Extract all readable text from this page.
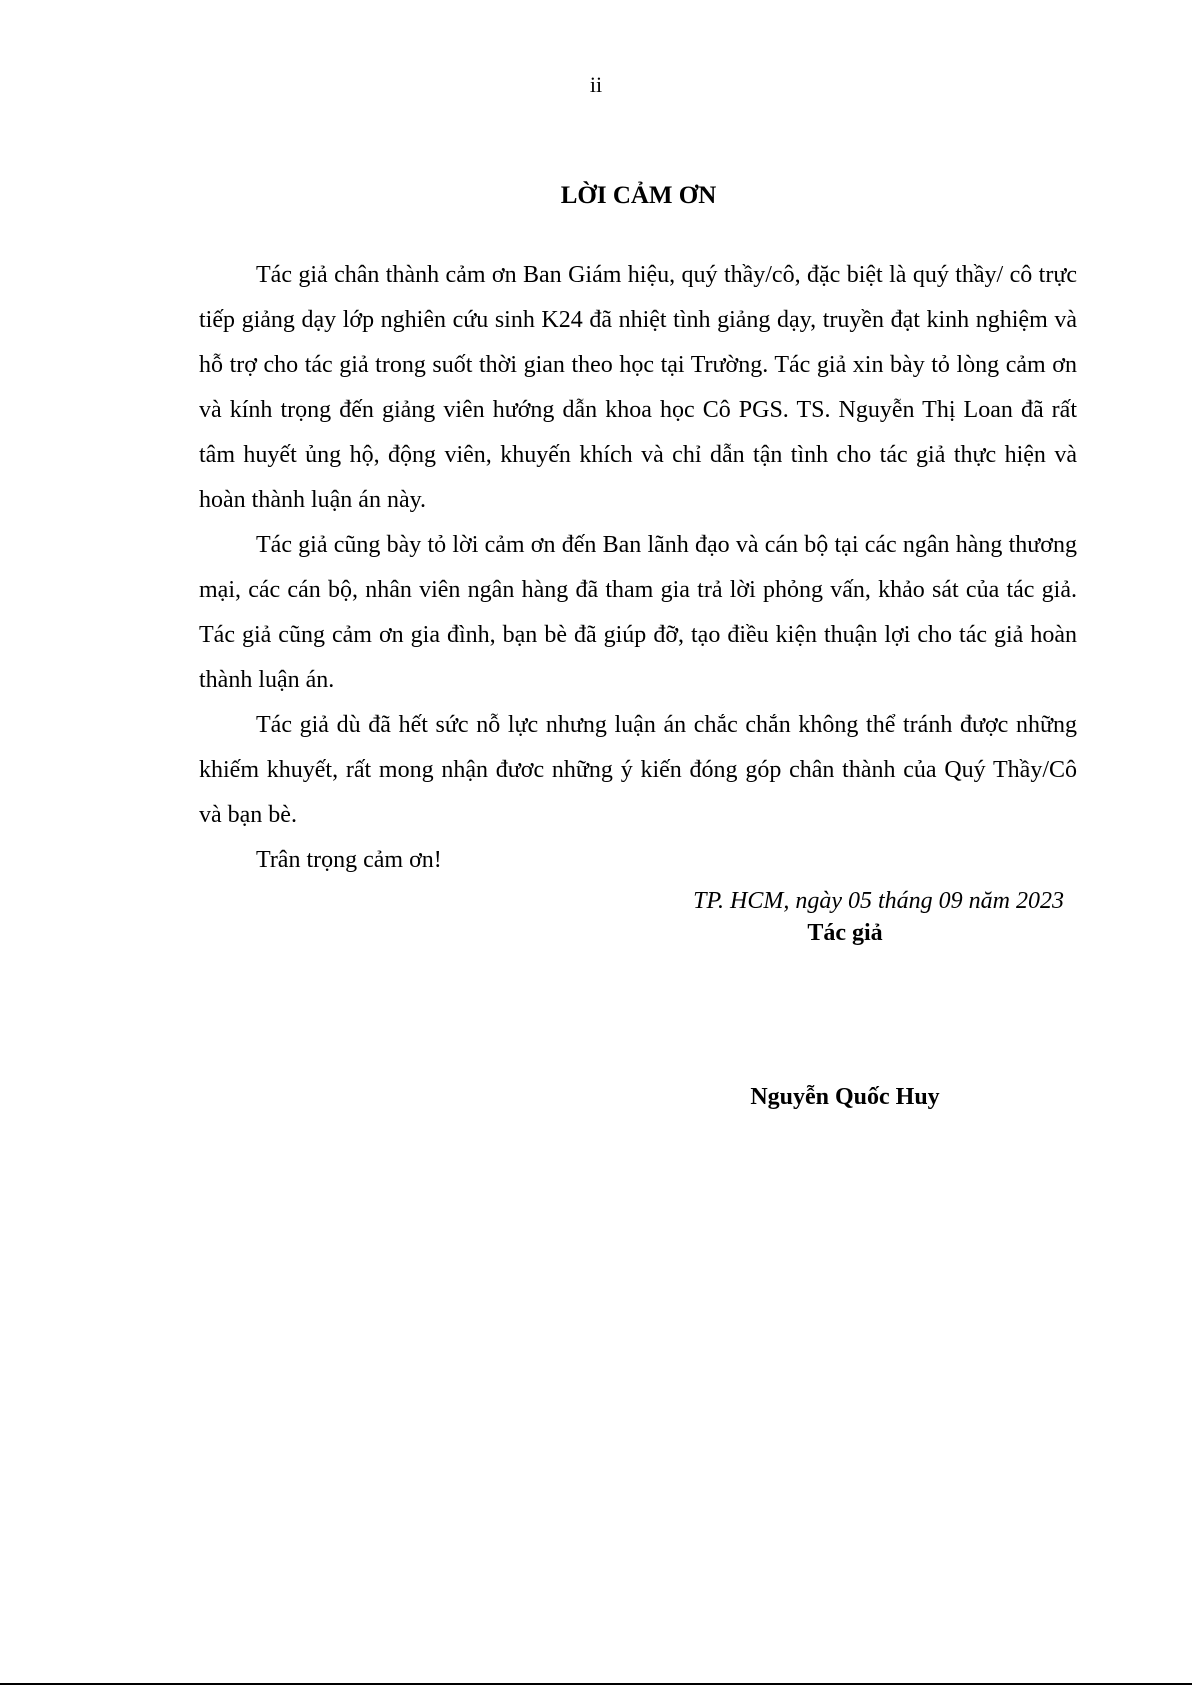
ii
LỜI CẢM ƠN

Tác giả chân thành cảm ơn Ban Giám hiệu, quý thầy/cô, đặc biệt là quý thầy/ cô trực tiếp giảng dạy lớp nghiên cứu sinh K24 đã nhiệt tình giảng dạy, truyền đạt kinh nghiệm và hỗ trợ cho tác giả trong suốt thời gian theo học tại Trường. Tác giả xin bày tỏ lòng cảm ơn và kính trọng đến giảng viên hướng dẫn khoa học Cô PGS. TS. Nguyễn Thị Loan đã rất tâm huyết ủng hộ, động viên, khuyến khích và chỉ dẫn tận tình cho tác giả thực hiện và hoàn thành luận án này.

Tác giả cũng bày tỏ lời cảm ơn đến Ban lãnh đạo và cán bộ tại các ngân hàng thương mại, các cán bộ, nhân viên ngân hàng đã tham gia trả lời phỏng vấn, khảo sát của tác giả. Tác giả cũng cảm ơn gia đình, bạn bè đã giúp đỡ, tạo điều kiện thuận lợi cho tác giả hoàn thành luận án.

Tác giả dù đã hết sức nỗ lực nhưng luận án chắc chắn không thể tránh được những khiếm khuyết, rất mong nhận đươc những ý kiến đóng góp chân thành của Quý Thầy/Cô và bạn bè.

Trân trọng cảm ơn!

TP. HCM, ngày 05 tháng 09 năm 2023
Tác giả
Nguyễn Quốc Huy
